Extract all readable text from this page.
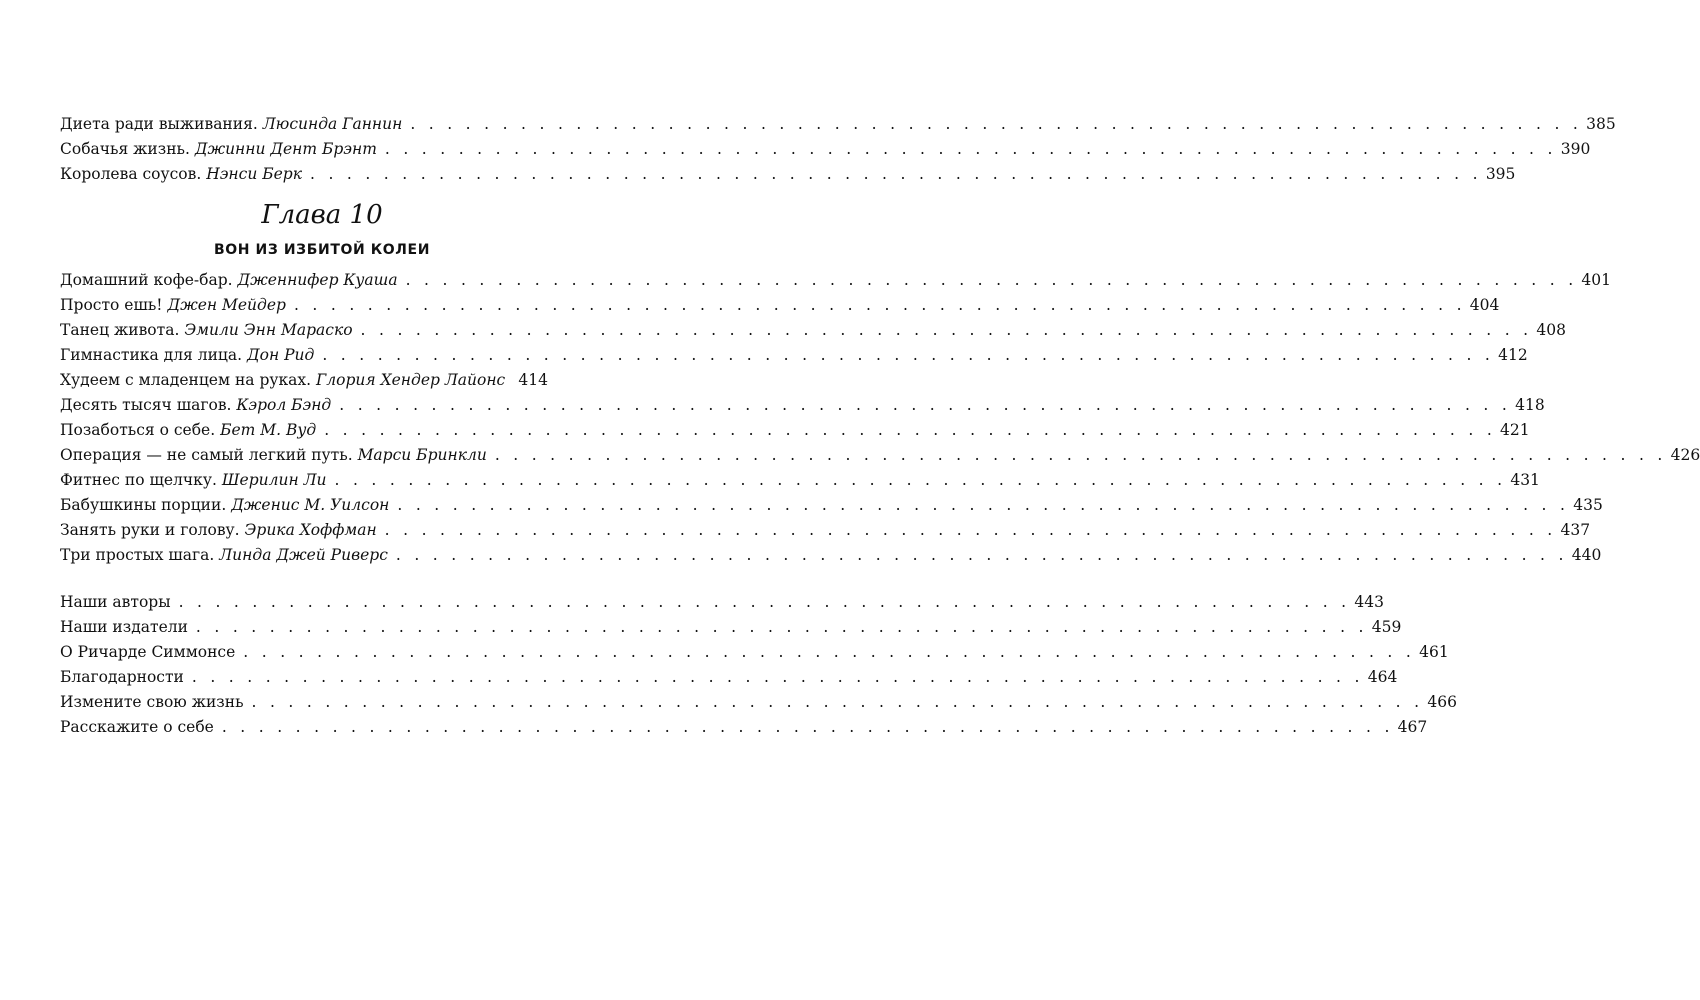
Диета ради выживания. Люсинда Ганнин . . . . . . . . . . . . . . . . . . . . . . . . . . . . . . . . . . . . . . . . . . . . . . . . . . . . . . . . . . . . . . . . 385
Собачья жизнь. Джинни Дент Брэнт . . . . . . . . . . . . . . . . . . . . . . . . . . . . . . . . . . . . . . . . . . . . . . . . . . . . . . . . . . . . . . . . 390
Королева соусов. Нэнси Берк . . . . . . . . . . . . . . . . . . . . . . . . . . . . . . . . . . . . . . . . . . . . . . . . . . . . . . . . . . . . . . . . 395
Глава 10
ВОН ИЗ ИЗБИТОЙ КОЛЕИ
Домашний кофе-бар. Дженнифер Куаша . . . . . . . . . . . . . . . . . . . . . . . . . . . . . . . . . . . . . . . . . . . . . . . . . . . . . . . . . . . . . . . . 401
Просто ешь! Джен Мейдер . . . . . . . . . . . . . . . . . . . . . . . . . . . . . . . . . . . . . . . . . . . . . . . . . . . . . . . . . . . . . . . . 404
Танец живота. Эмили Энн Мараско . . . . . . . . . . . . . . . . . . . . . . . . . . . . . . . . . . . . . . . . . . . . . . . . . . . . . . . . . . . . . . . . 408
Гимнастика для лица. Дон Рид . . . . . . . . . . . . . . . . . . . . . . . . . . . . . . . . . . . . . . . . . . . . . . . . . . . . . . . . . . . . . . . . 412
Худеем с младенцем на руках. Глория Хендер Лайонс 414
Десять тысяч шагов. Кэрол Бэнд . . . . . . . . . . . . . . . . . . . . . . . . . . . . . . . . . . . . . . . . . . . . . . . . . . . . . . . . . . . . . . . . 418
Позаботься о себе. Бет М. Вуд . . . . . . . . . . . . . . . . . . . . . . . . . . . . . . . . . . . . . . . . . . . . . . . . . . . . . . . . . . . . . . . . 421
Операция — не самый легкий путь. Марси Бринкли . . . . . . . . . . . . . . . . . . . . . . . . . . . . . . . . . . . . . . . . . . . . . . . . . . . . . . . . . . . . . . . . 426
Фитнес по щелчку. Шерилин Ли . . . . . . . . . . . . . . . . . . . . . . . . . . . . . . . . . . . . . . . . . . . . . . . . . . . . . . . . . . . . . . . . 431
Бабушкины порции. Дженис М. Уилсон . . . . . . . . . . . . . . . . . . . . . . . . . . . . . . . . . . . . . . . . . . . . . . . . . . . . . . . . . . . . . . . . 435
Занять руки и голову. Эрика Хоффман . . . . . . . . . . . . . . . . . . . . . . . . . . . . . . . . . . . . . . . . . . . . . . . . . . . . . . . . . . . . . . . . 437
Три простых шага. Линда Джей Риверс . . . . . . . . . . . . . . . . . . . . . . . . . . . . . . . . . . . . . . . . . . . . . . . . . . . . . . . . . . . . . . . . 440
Наши авторы . . . . . . . . . . . . . . . . . . . . . . . . . . . . . . . . . . . . . . . . . . . . . . . . . . . . . . . . . . . . . . . . 443
Наши издатели . . . . . . . . . . . . . . . . . . . . . . . . . . . . . . . . . . . . . . . . . . . . . . . . . . . . . . . . . . . . . . . . 459
О Ричарде Симмонсе . . . . . . . . . . . . . . . . . . . . . . . . . . . . . . . . . . . . . . . . . . . . . . . . . . . . . . . . . . . . . . . . 461
Благодарности . . . . . . . . . . . . . . . . . . . . . . . . . . . . . . . . . . . . . . . . . . . . . . . . . . . . . . . . . . . . . . . . 464
Измените свою жизнь . . . . . . . . . . . . . . . . . . . . . . . . . . . . . . . . . . . . . . . . . . . . . . . . . . . . . . . . . . . . . . . . 466
Расскажите о себе . . . . . . . . . . . . . . . . . . . . . . . . . . . . . . . . . . . . . . . . . . . . . . . . . . . . . . . . . . . . . . . . 467
